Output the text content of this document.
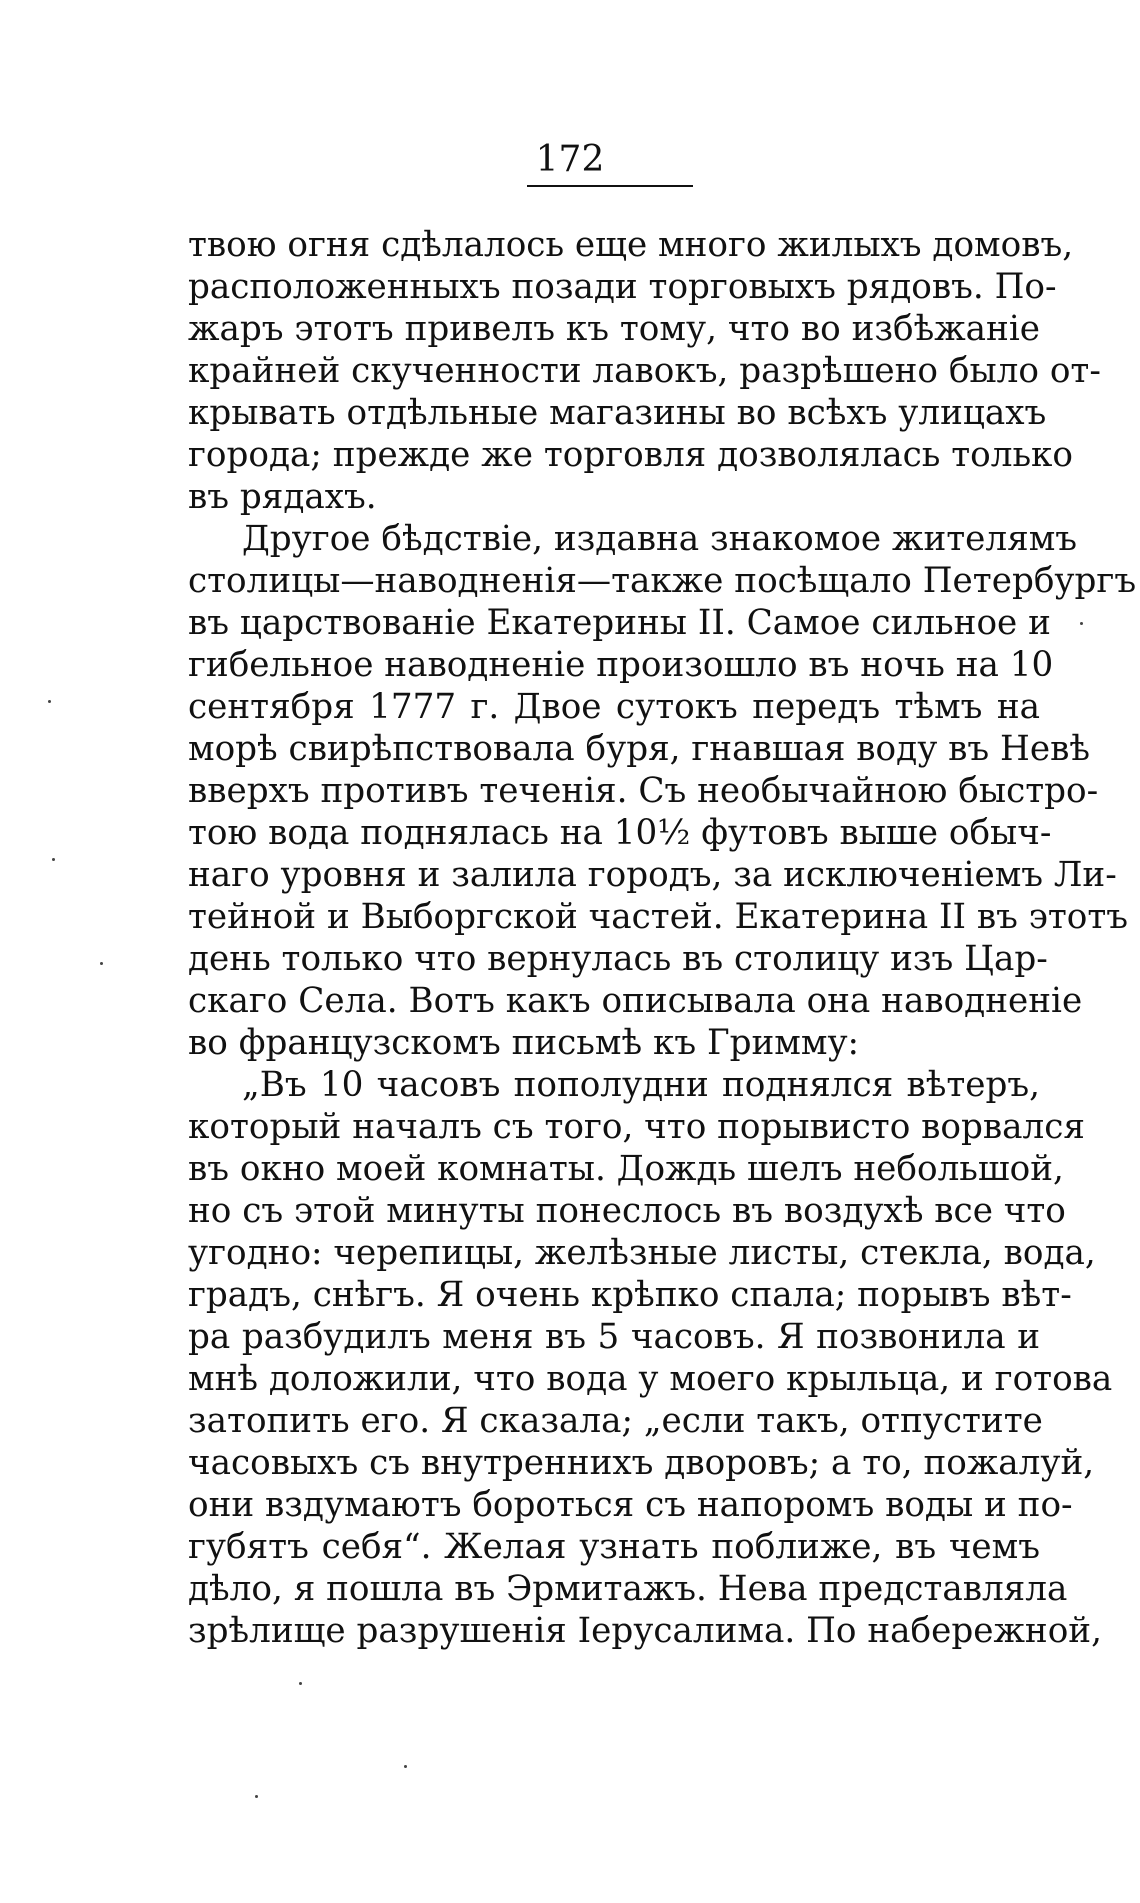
172
твою огня сдѣлалось еще много жилыхъ домовъ,
расположенныхъ позади торговыхъ рядовъ. По-
жаръ этотъ привелъ къ тому, что во избѣжаніе
крайней скученности лавокъ, разрѣшено было от-
крывать отдѣльные магазины во всѣхъ улицахъ
города; прежде же торговля дозволялась только
въ рядахъ.
Другое бѣдствіе, издавна знакомое жителямъ
столицы—наводненія—также посѣщало Петербургъ
въ царствованіе Екатерины II. Самое сильное и
гибельное наводненіе произошло въ ночь на 10
сентября 1777 г. Двое сутокъ передъ тѣмъ на
морѣ свирѣпствовала буря, гнавшая воду въ Невѣ
вверхъ противъ теченія. Съ необычайною быстро-
тою вода поднялась на 10½ футовъ выше обыч-
наго уровня и залила городъ, за исключеніемъ Ли-
тейной и Выборгской частей. Екатерина II въ этотъ
день только что вернулась въ столицу изъ Цар-
скаго Села. Вотъ какъ описывала она наводненіе
во французскомъ письмѣ къ Гримму:
„Въ 10 часовъ пополудни поднялся вѣтеръ,
который началъ съ того, что порывисто ворвался
въ окно моей комнаты. Дождь шелъ небольшой,
но съ этой минуты понеслось въ воздухѣ все что
угодно: черепицы, желѣзные листы, стекла, вода,
градъ, снѣгъ. Я очень крѣпко спала; порывъ вѣт-
ра разбудилъ меня въ 5 часовъ. Я позвонила и
мнѣ доложили, что вода у моего крыльца, и готова
затопить его. Я сказала; „если такъ, отпустите
часовыхъ съ внутреннихъ дворовъ; а то, пожалуй,
они вздумаютъ бороться съ напоромъ воды и по-
губятъ себя“. Желая узнать поближе, въ чемъ
дѣло, я пошла въ Эрмитажъ. Нева представляла
зрѣлище разрушенія Іерусалима. По набережной,
